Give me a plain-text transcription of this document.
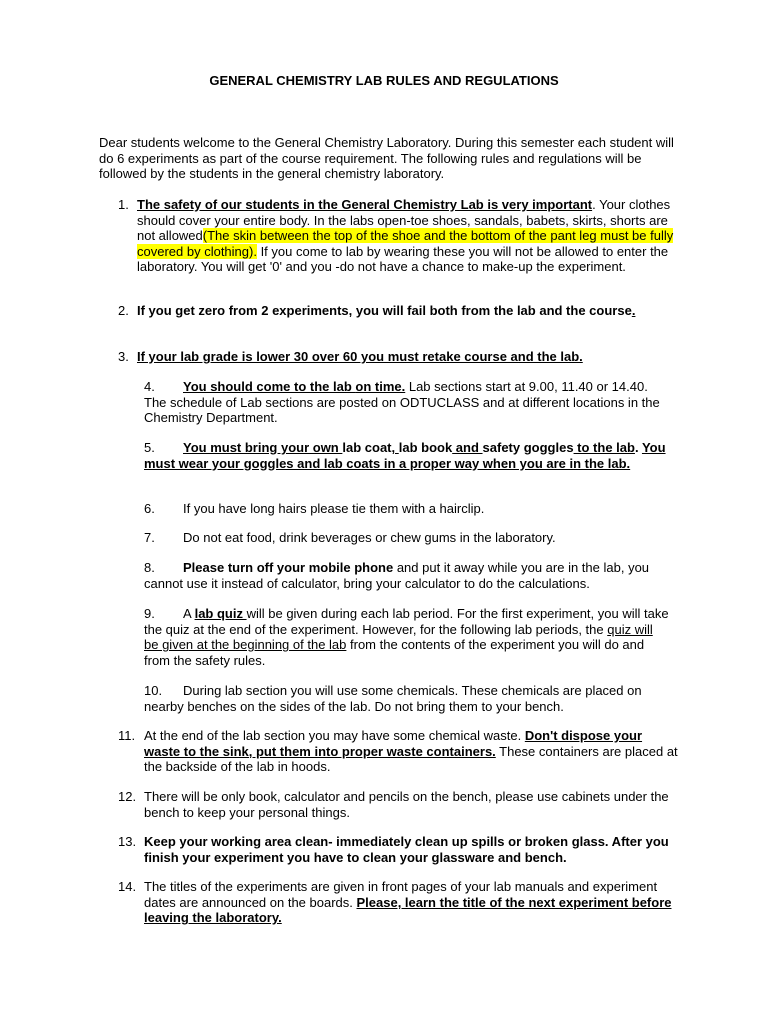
GENERAL CHEMISTRY LAB RULES AND REGULATIONS
Dear students welcome to the General Chemistry Laboratory. During this semester each student will do 6 experiments as part of the course requirement. The following rules and regulations will be followed by the students in the general chemistry laboratory.
1. The safety of our students in the General Chemistry Lab is very important. Your clothes should cover your entire body. In the labs open-toe shoes, sandals, babets, skirts, shorts are not allowed(The skin between the top of the shoe and the bottom of the pant leg must be fully covered by clothing). If you come to lab by wearing these you will not be allowed to enter the laboratory. You will get '0' and you -do not have a chance to make-up the experiment.
2. If you get zero from 2 experiments, you will fail both from the lab and the course.
3. If your lab grade is lower 30 over 60 you must retake course and the lab.
4. You should come to the lab on time. Lab sections start at 9.00, 11.40 or 14.40. The schedule of Lab sections are posted on ODTUCLASS and at different locations in the Chemistry Department.
5. You must bring your own lab coat, lab book and safety goggles to the lab. You must wear your goggles and lab coats in a proper way when you are in the lab.
6. If you have long hairs please tie them with a hairclip.
7. Do not eat food, drink beverages or chew gums in the laboratory.
8. Please turn off your mobile phone and put it away while you are in the lab, you cannot use it instead of calculator, bring your calculator to do the calculations.
9. A lab quiz will be given during each lab period. For the first experiment, you will take the quiz at the end of the experiment. However, for the following lab periods, the quiz will be given at the beginning of the lab from the contents of the experiment you will do and from the safety rules.
10. During lab section you will use some chemicals. These chemicals are placed on nearby benches on the sides of the lab. Do not bring them to your bench.
11. At the end of the lab section you may have some chemical waste. Don't dispose your waste to the sink, put them into proper waste containers. These containers are placed at the backside of the lab in hoods.
12. There will be only book, calculator and pencils on the bench, please use cabinets under the bench to keep your personal things.
13. Keep your working area clean- immediately clean up spills or broken glass. After you finish your experiment you have to clean your glassware and bench.
14. The titles of the experiments are given in front pages of your lab manuals and experiment dates are announced on the boards. Please, learn the title of the next experiment before leaving the laboratory.
